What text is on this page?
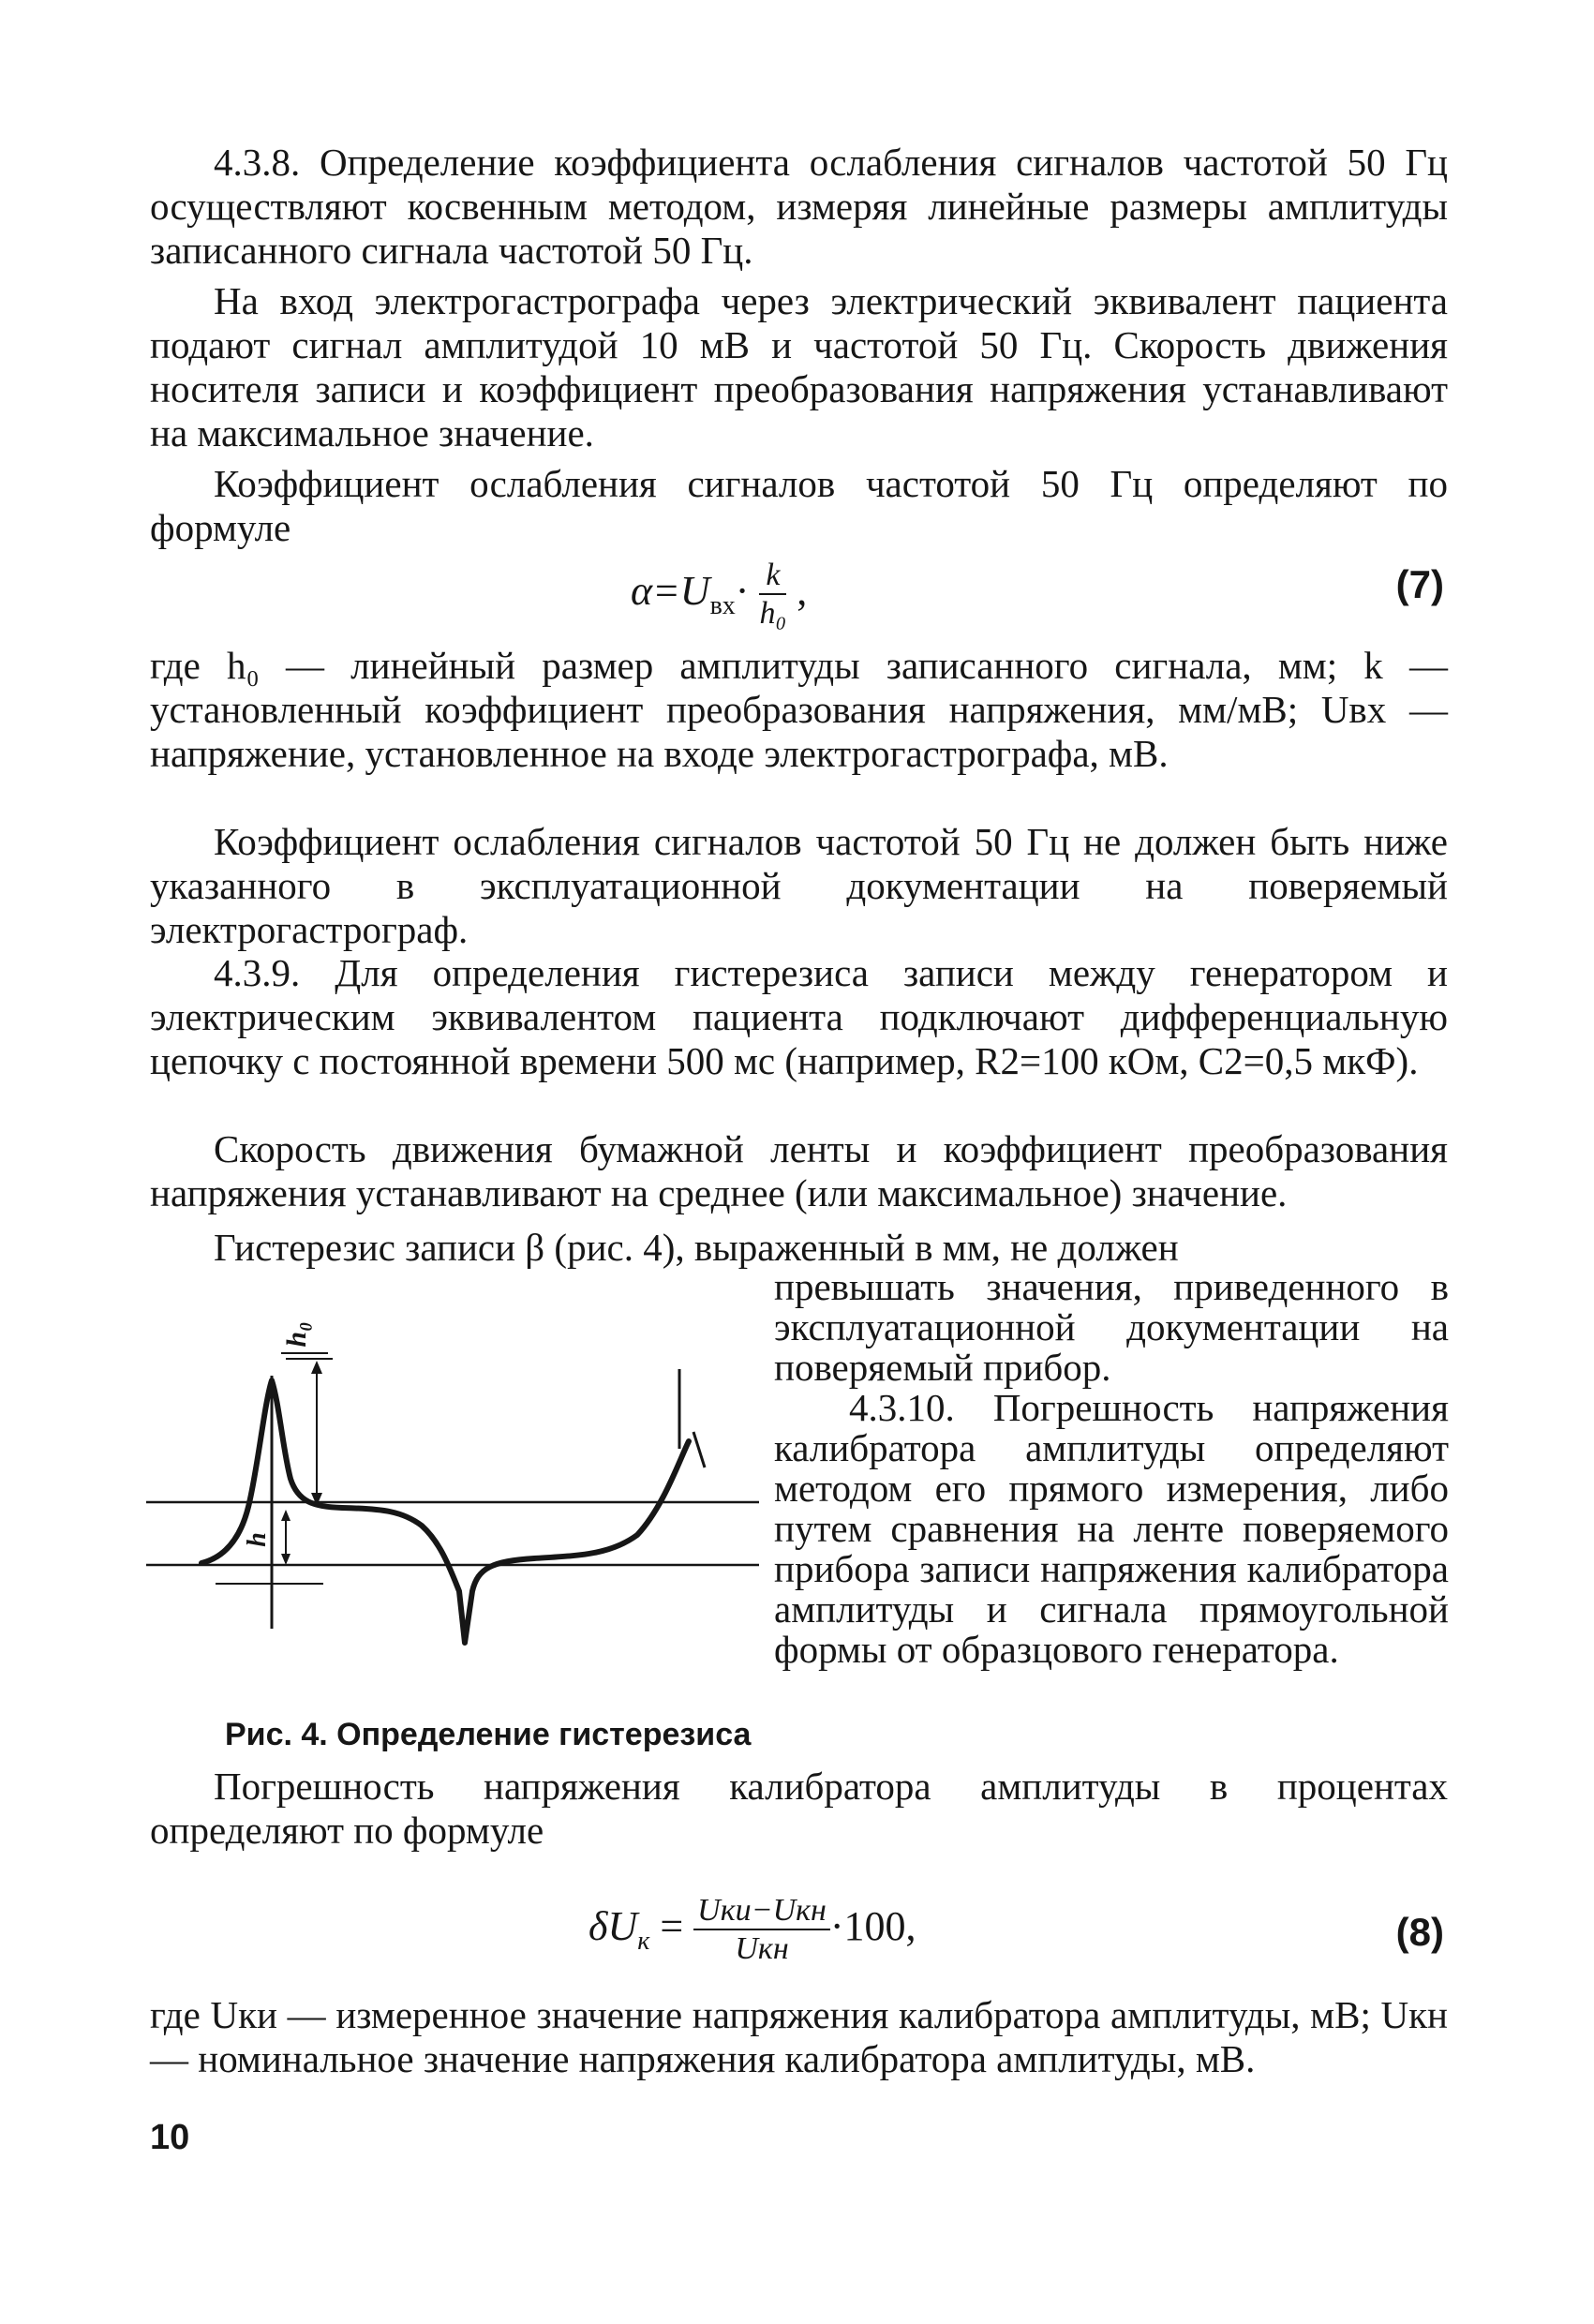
4.3.8. Определение коэффициента ослабления сигналов частотой 50 Гц осуществляют косвенным методом, измеряя линейные размеры амплитуды записанного сигнала частотой 50 Гц.
На вход электрогастрографа через электрический эквивалент пациента подают сигнал амплитудой 10 мВ и частотой 50 Гц. Скорость движения носителя записи и коэффициент преобразования напряжения устанавливают на максимальное значение.
Коэффициент ослабления сигналов частотой 50 Гц определяют по формуле
$\alpha=U_{вх}\cdot \frac{k}{\text{h₀}}$ ,	(7)
где h₀ — линейный размер амплитуды записанного сигнала, мм; k — установленный коэффициент преобразования напряжения, мм/мВ; Uвх — напряжение, установленное на входе электрогастрографа, мВ.
Коэффициент ослабления сигналов частотой 50 Гц не должен быть ниже указанного в эксплуатационной документации на поверяемый электрогастрограф.
4.3.9. Для определения гистерезиса записи между генератором и электрическим эквивалентом пациента подключают дифференциальную цепочку с постоянной времени 500 мс (например, R2=100 кОм, C2=0,5 мкФ).
Скорость движения бумажной ленты и коэффициент преобразования напряжения устанавливают на среднее (или максимальное) значение.
Гистерезис записи β (рис. 4), выраженный в мм, не должен
h₀
h
Рис. 4. Определение гистерезиса
превышать значения, приведенного в эксплуатационной документации на поверяемый прибор.
4.3.10. Погрешность напряжения калибратора амплитуды определяют методом его прямого измерения, либо путем сравнения на ленте поверяемого прибора записи напряжения калибратора амплитуды и сигнала прямоугольной формы от образцового генератора.
Погрешность напряжения калибратора амплитуды в процентах определяют по формуле
$\delta U_к = \frac{\text{Uки−Uкн}}{\text{Uкн}} \cdot 100$,	(8)
где Uки — измеренное значение напряжения калибратора амплитуды, мВ; Uкн — номинальное значение напряжения калибратора амплитуды, мВ.
10
